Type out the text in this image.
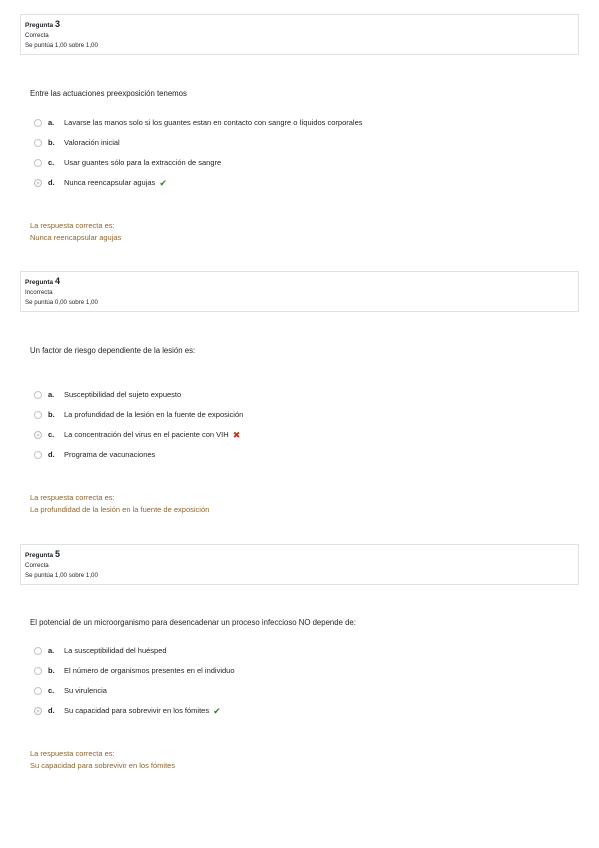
Pregunta 3
Correcta
Se puntúa 1,00 sobre 1,00
Entre las actuaciones preexposición tenemos
a. Lavarse las manos solo si los guantes estan en contacto con sangre o líquidos corporales
b. Valoración inicial
c. Usar guantes sólo para la extracción de sangre
d. Nunca reencapsular agujas ✔
La respuesta correcta es:
Nunca reencapsular agujas
Pregunta 4
Incorrecta
Se puntúa 0,00 sobre 1,00
Un factor de riesgo dependiente de la lesión es:
a. Susceptibilidad del sujeto expuesto
b. La profundidad de la lesión en la fuente de exposición
c. La concentración del virus en el paciente con VIH ✖
d. Programa de vacunaciones
La respuesta correcta es:
La profundidad de la lesión en la fuente de exposición
Pregunta 5
Correcta
Se puntúa 1,00 sobre 1,00
El potencial de un microorganismo para desencadenar un proceso infeccioso NO depende de:
a. La susceptibilidad del huésped
b. El número de organismos presentes en el individuo
c. Su virulencia
d. Su capacidad para sobrevivir en los fómites ✔
La respuesta correcta es:
Su capacidad para sobrevivir en los fómites
